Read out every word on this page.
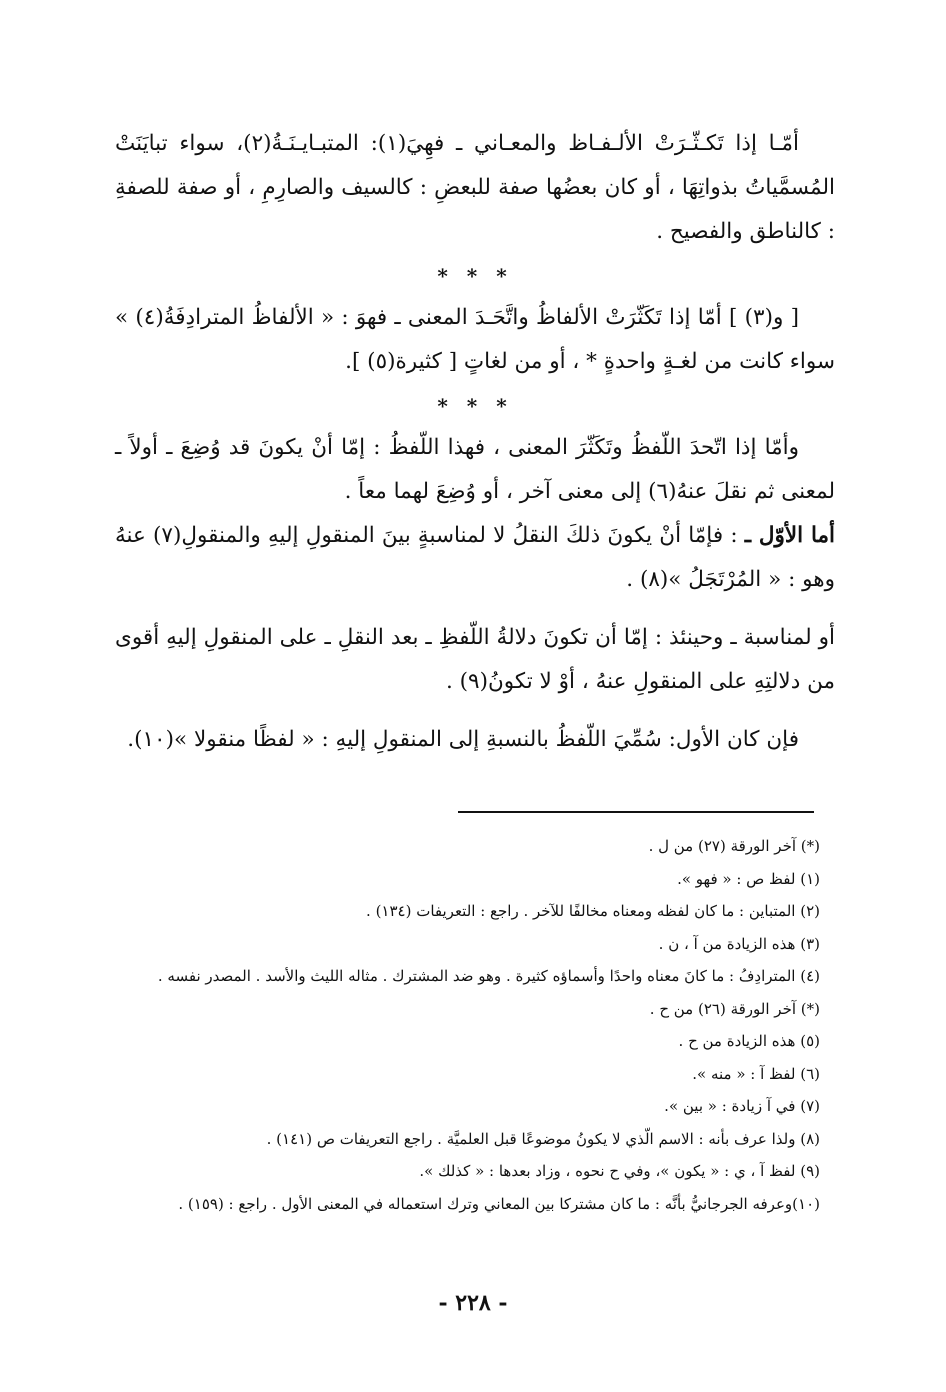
أمّـا إذا تَكـثّـرَتْ الألـفـاظ والمعـاني ـ فهِيَ(١): المتبـايـنَـةُ(٢)، سواء تبايَنَتْ المُسمَّياتُ بذواتِهَا ، أو كان بعضُها صفة للبعضِ : كالسيف والصارِمِ ، أو صفة للصفةِ : كالناطق والفصيح .

* * *

[ و(٣) ] أمّا إذا تَكَثّرَتْ الألفاظُ واتَّحَـدَ المعنى ـ فهوَ : « الألفاظُ المترادِفَةُ(٤) » سواء كانت من لغـةٍ واحدةٍ * ، أو من لغاتٍ [ كثيرة(٥) ].

* * *

وأمّا إذا اتّحدَ اللّفظُ وتَكَثّرَ المعنى ، فهذا اللّفظُ : إمّا أنْ يكونَ قد وُضِعَ ـ أولاً ـ لمعنى ثم نقلَ عنهُ(٦) إلى معنى آخر ، أو وُضِعَ لهما معاً .

أما الأوّل ـ : فإمّا أنْ يكونَ ذلكَ النقلُ لا لمناسبةٍ بينَ المنقولِ إليهِ والمنقولِ(٧) عنهُ وهو : « المُرْتَجَلُ »(٨) .

أو لمناسبة ـ وحينئذ : إمّا أن تكونَ دلالةُ اللّفظِ ـ بعد النقلِ ـ على المنقولِ إليهِ أقوى من دلالتِهِ على المنقولِ عنهُ ، أوْ لا تكونُ(٩) .

فإن كان الأول: سُمِّيَ اللّفظُ بالنسبةِ إلى المنقولِ إليهِ : « لفظًا منقولا »(١٠).

(*) آخر الورقة (٢٧) من ل .

(١) لفظ ص : « فهو ».

(٢) المتباين : ما كان لفظه ومعناه مخالفًا للآخر . راجع : التعريفات (١٣٤) .

(٣) هذه الزيادة من آ ، ن .

(٤) المترادِفُ : ما كانَ معناه واحدًا وأسماؤه كثيرة . وهو ضد المشترك . مثاله الليث والأسد . المصدر نفسه .

(*) آخر الورقة (٢٦) من ح .

(٥) هذه الزيادة من ح .

(٦) لفظ آ : « منه ».

(٧) في آ زيادة : « بين ».

(٨) ولذا عرف بأنه : الاسم الّذي لا يكونُ موضوعًا قبل العلميَّة . راجع التعريفات ص (١٤١) .

(٩) لفظ آ ، ي : « يكون »، وفي ح نحوه ، وزاد بعدها : « كذلك ».

(١٠)وعرفه الجرجانيُّ بأنَّه : ما كان مشتركا بين المعاني وترك استعماله في المعنى الأول . راجع : (١٥٩) .

- ٢٢٨ -
